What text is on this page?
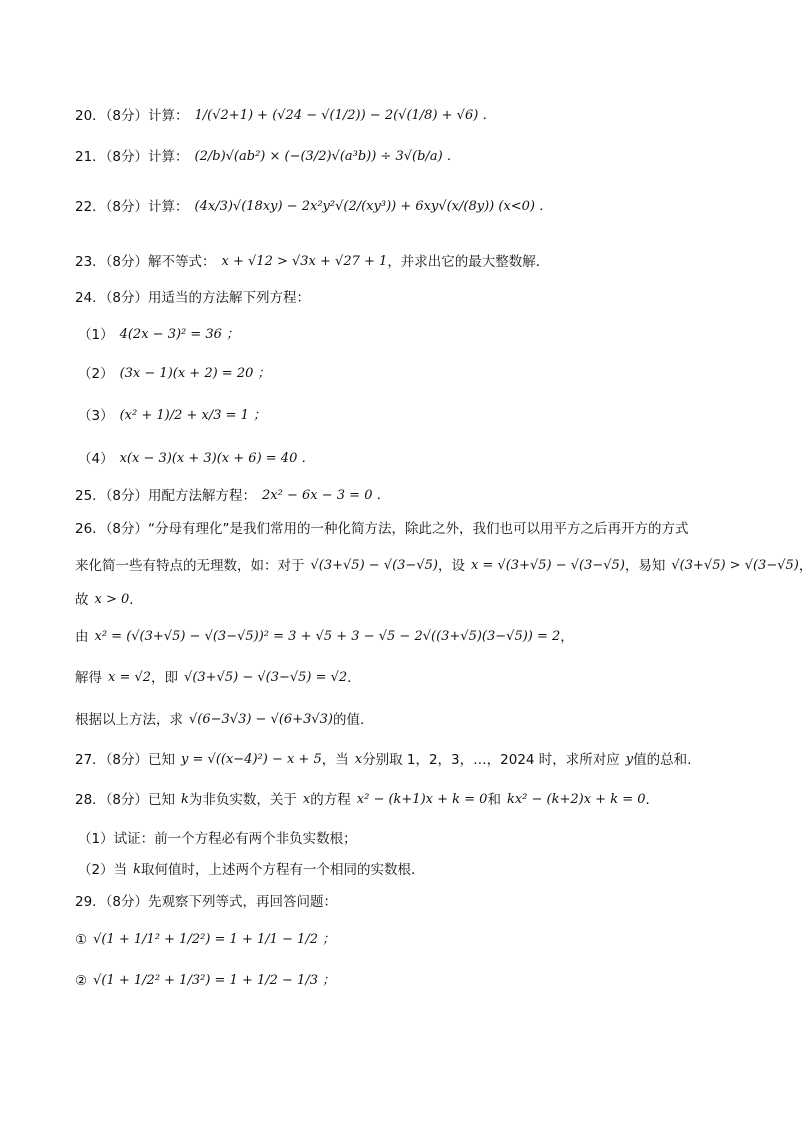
20．（8分）计算： 1/(√2+1) + (√24 − √(1/2)) − 2(√(1/8) + √6) ．
21．（8分）计算： (2/b)√(ab²) × (−(3/2)√(a³b)) ÷ 3√(b/a) ．
22．（8分）计算： (4x/3)√(18xy) − 2x²y²√(2/(xy³)) + 6xy√(x/(8y)) (x<0) ．
23．（8分）解不等式： x + √12 > √3x + √27 + 1 ，并求出它的最大整数解．
24．（8分）用适当的方法解下列方程：
（1） 4(2x − 3)² = 36 ；
（2） (3x − 1)(x + 2) = 20 ；
（3） (x² + 1)/2 + x/3 = 1 ；
（4） x(x − 3)(x + 3)(x + 6) = 40 ．
25．（8分）用配方法解方程： 2x² − 6x − 3 = 0 ．
26．（8分）“分母有理化”是我们常用的一种化简方法，除此之外，我们也可以用平方之后再开方的方式
来化简一些有特点的无理数，如：对于 √(3+√5) − √(3−√5) ，设 x = √(3+√5) − √(3−√5) ，易知 √(3+√5) > √(3−√5) ，
故 x > 0 ．
由 x² = (√(3+√5) − √(3−√5))² = 3 + √5 + 3 − √5 − 2√((3+√5)(3−√5)) = 2 ，
解得 x = √2 ，即 √(3+√5) − √(3−√5) = √2 ．
根据以上方法，求 √(6−3√3) − √(6+3√3) 的值.
27．（8分）已知 y = √((x−4)²) − x + 5 ，当 x 分别取 1，2，3，…，2024 时，求所对应 y 值的总和.
28．（8分）已知 k 为非负实数，关于 x 的方程 x² − (k+1)x + k = 0 和 kx² − (k+2)x + k = 0 ．
（1）试证：前一个方程必有两个非负实数根；
（2）当 k 取何值时，上述两个方程有一个相同的实数根．
29．（8分）先观察下列等式，再回答问题：
① √(1 + 1/1² + 1/2²) = 1 + 1/1 − 1/2 ；
② √(1 + 1/2² + 1/3²) = 1 + 1/2 − 1/3 ；
